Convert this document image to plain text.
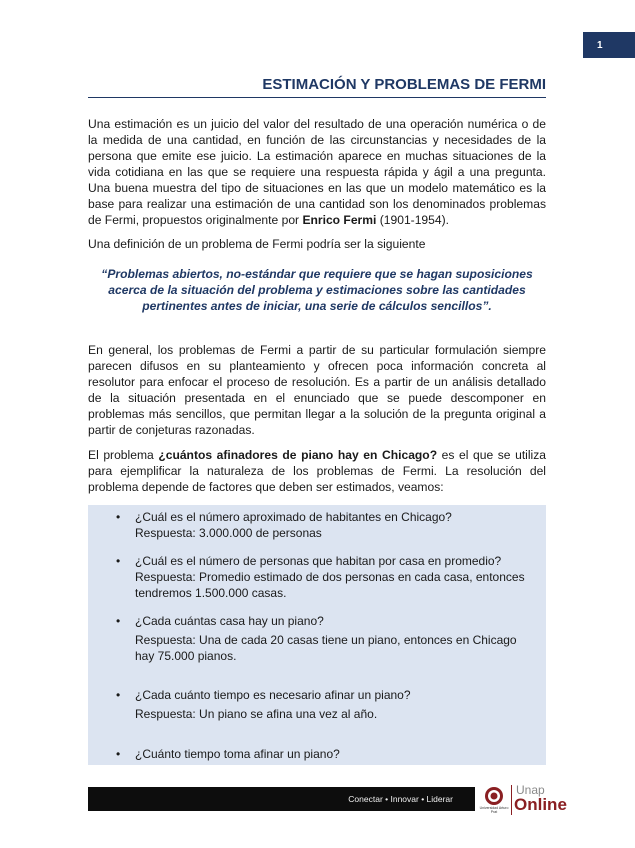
1
ESTIMACIÓN Y PROBLEMAS DE FERMI

Una estimación es un juicio del valor del resultado de una operación numérica o de la medida de una cantidad, en función de las circunstancias y necesidades de la persona que emite ese juicio. La estimación aparece en muchas situaciones de la vida cotidiana en las que se requiere una respuesta rápida y ágil a una pregunta. Una buena muestra del tipo de situaciones en las que un modelo matemático es la base para realizar una estimación de una cantidad son los denominados problemas de Fermi, propuestos originalmente por Enrico Fermi (1901-1954).

Una definición de un problema de Fermi podría ser la siguiente

“Problemas abiertos, no-estándar que requiere que se hagan suposiciones acerca de la situación del problema y estimaciones sobre las cantidades pertinentes antes de iniciar, una serie de cálculos sencillos”.

En general, los problemas de Fermi a partir de su particular formulación siempre parecen difusos en su planteamiento y ofrecen poca información concreta al resolutor para enfocar el proceso de resolución. Es a partir de un análisis detallado de la situación presentada en el enunciado que se puede descomponer en problemas más sencillos, que permitan llegar a la solución de la pregunta original a partir de conjeturas razonadas.

El problema ¿cuántos afinadores de piano hay en Chicago? es el que se utiliza para ejemplificar la naturaleza de los problemas de Fermi. La resolución del problema depende de factores que deben ser estimados, veamos:

• ¿Cuál es el número aproximado de habitantes en Chicago?
Respuesta: 3.000.000 de personas
• ¿Cuál es el número de personas que habitan por casa en promedio?
Respuesta: Promedio estimado de dos personas en cada casa, entonces tendremos 1.500.000 casas.
• ¿Cada cuántas casa hay un piano?
Respuesta: Una de cada 20 casas tiene un piano, entonces en Chicago hay 75.000 pianos.
• ¿Cada cuánto tiempo es necesario afinar un piano?
Respuesta: Un piano se afina una vez al año.
• ¿Cuánto tiempo toma afinar un piano?
Conectar • Innovar • Liderar
Universidad Arturo Prat
Unap
Online
